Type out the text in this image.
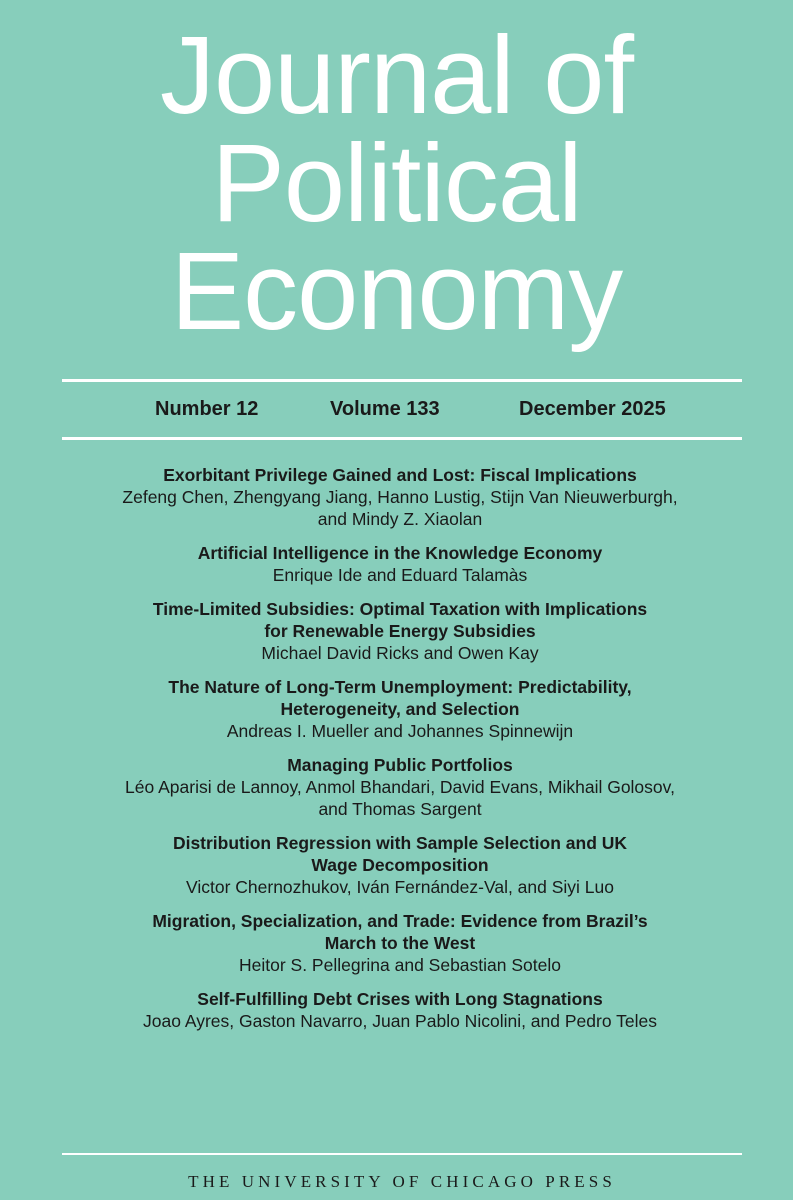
Journal of
Political
Economy
Number 12	Volume 133	December 2025
Exorbitant Privilege Gained and Lost: Fiscal Implications
Zefeng Chen, Zhengyang Jiang, Hanno Lustig, Stijn Van Nieuwerburgh,
and Mindy Z. Xiaolan
Artificial Intelligence in the Knowledge Economy
Enrique Ide and Eduard Talamàs
Time-Limited Subsidies: Optimal Taxation with Implications
for Renewable Energy Subsidies
Michael David Ricks and Owen Kay
The Nature of Long-Term Unemployment: Predictability,
Heterogeneity, and Selection
Andreas I. Mueller and Johannes Spinnewijn
Managing Public Portfolios
Léo Aparisi de Lannoy, Anmol Bhandari, David Evans, Mikhail Golosov,
and Thomas Sargent
Distribution Regression with Sample Selection and UK
Wage Decomposition
Victor Chernozhukov, Iván Fernández-Val, and Siyi Luo
Migration, Specialization, and Trade: Evidence from Brazil’s
March to the West
Heitor S. Pellegrina and Sebastian Sotelo
Self-Fulfilling Debt Crises with Long Stagnations
Joao Ayres, Gaston Navarro, Juan Pablo Nicolini, and Pedro Teles
THE UNIVERSITY OF CHICAGO PRESS
